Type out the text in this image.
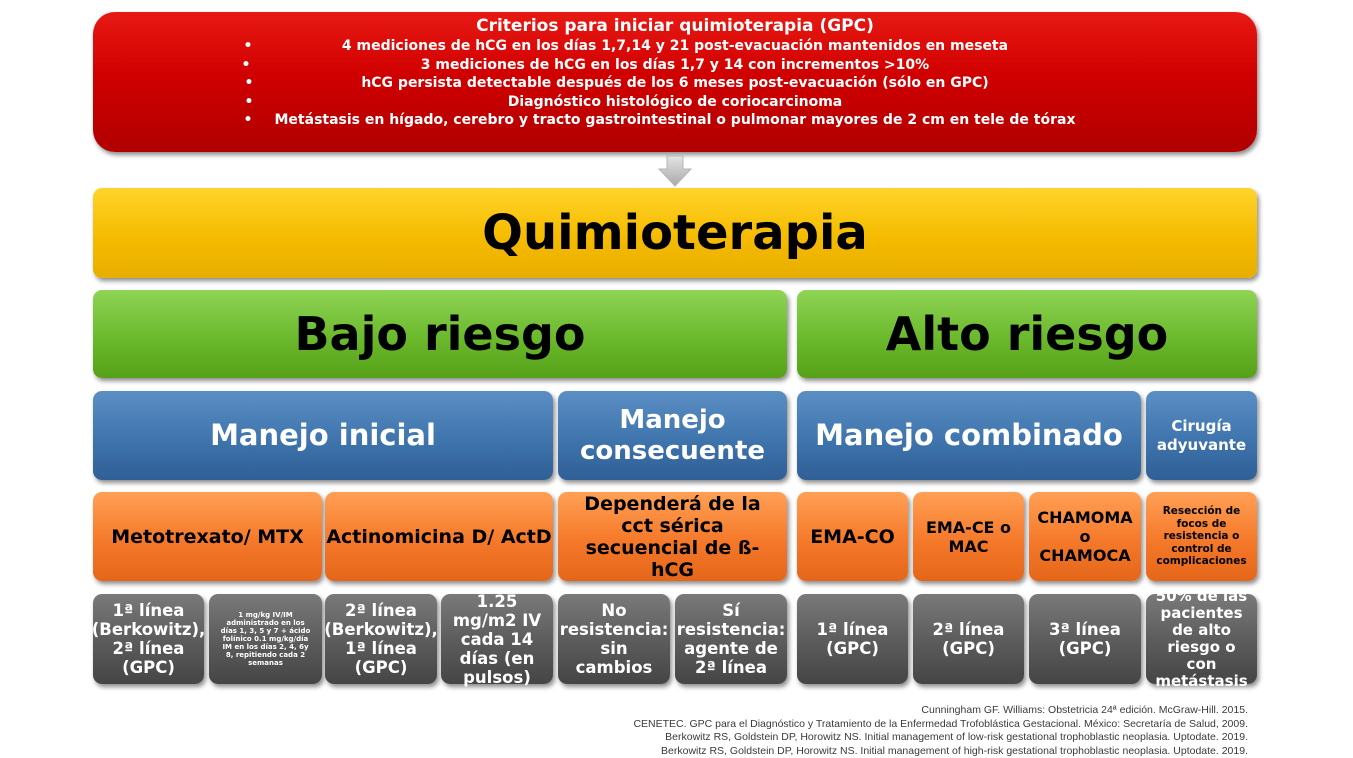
Criterios para iniciar quimioterapia (GPC)
• 4 mediciones de hCG en los días 1,7,14 y 21 post-evacuación mantenidos en meseta
• 3 mediciones de hCG en los días 1,7 y 14 con incrementos >10%
• hCG persista detectable después de los 6 meses post-evacuación (sólo en GPC)
• Diagnóstico histológico de coriocarcinoma
• Metástasis en hígado, cerebro y tracto gastrointestinal o pulmonar mayores de 2 cm en tele de tórax
Quimioterapia
Bajo riesgo	Alto riesgo
Manejo inicial	Manejo consecuente	Manejo combinado	Cirugía adyuvante
Metotrexato/ MTX Actinomicina D/ ActD
Dependerá de la cct sérica secuencial de ß-hCG
EMA-CO	EMA-CE o MAC
CHAMOMA o CHAMOCA
Resección de focos de resistencia o control de complicaciones
1ª línea (Berkowitz), 2ª línea (GPC)
1 mg/kg IV/IM administrado en los días 1, 3, 5 y 7 + ácido folínico 0.1 mg/kg/día IM en los días 2, 4, 6y 8, repitiendo cada 2 semanas
2ª línea (Berkowitz), 1ª línea (GPC)
1.25 mg/m2 IV cada 14 días (en pulsos)
No resistencia: sin cambios
Sí resistencia: agente de 2ª línea
1ª línea (GPC)
2ª línea (GPC)
3ª línea (GPC)
50% de las pacientes de alto riesgo o con metástasis
Cunningham GF. Williams: Obstetricia 24ª edición. McGraw-Hill. 2015.
CENETEC. GPC para el Diagnóstico y Tratamiento de la Enfermedad Trofoblástica Gestacional. México: Secretaría de Salud, 2009.
Berkowitz RS, Goldstein DP, Horowitz NS. Initial management of low-risk gestational trophoblastic neoplasia. Uptodate. 2019.
Berkowitz RS, Goldstein DP, Horowitz NS. Initial management of high-risk gestational trophoblastic neoplasia. Uptodate. 2019.
